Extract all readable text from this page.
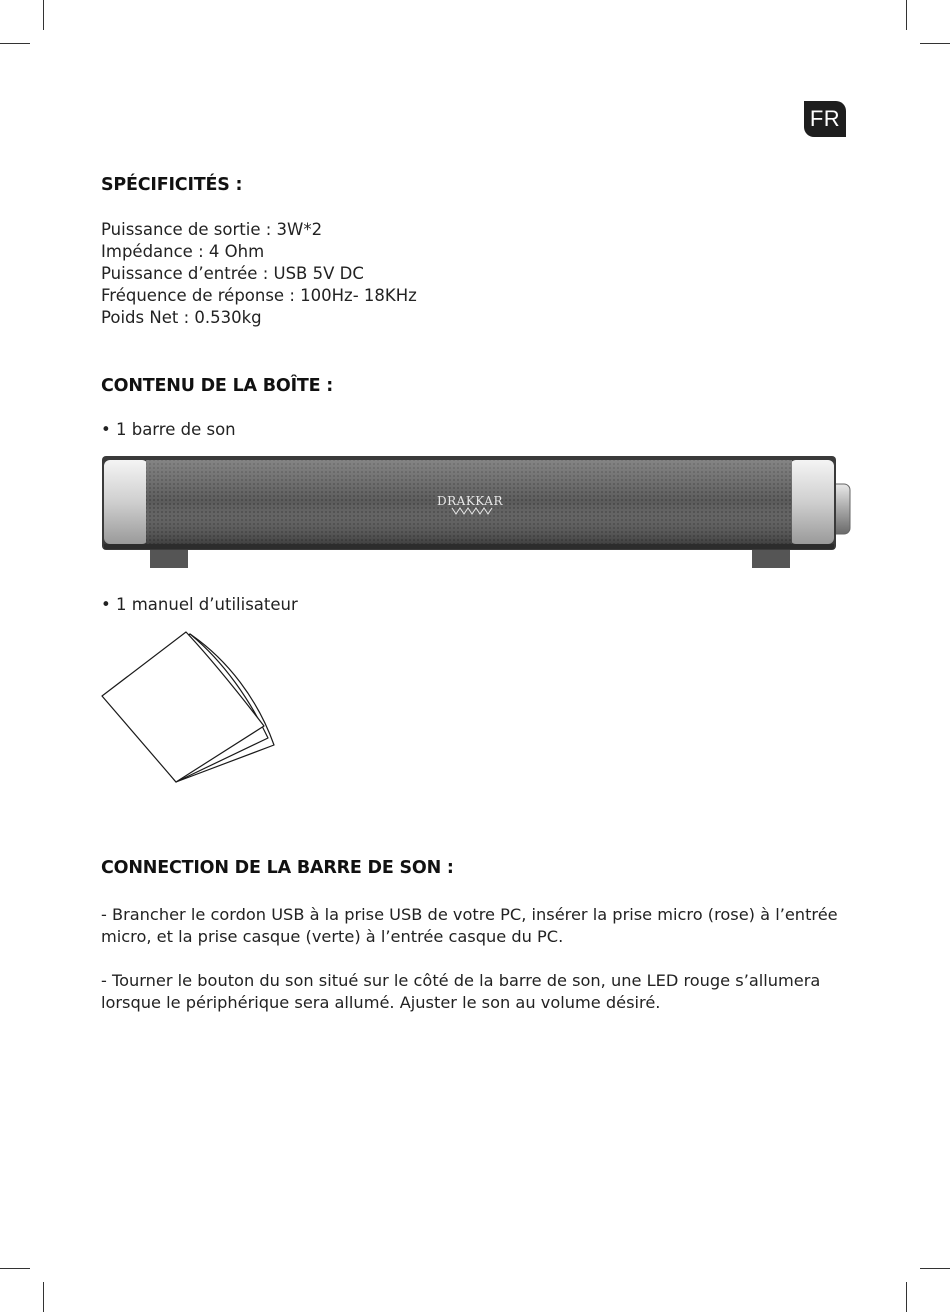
FR
SPÉCIFICITÉS :
Puissance de sortie : 3W*2
Impédance : 4 Ohm
Puissance d’entrée : USB 5V DC
Fréquence de réponse : 100Hz- 18KHz
Poids Net : 0.530kg
CONTENU DE LA BOÎTE :
• 1 barre de son
DRAKKAR
• 1 manuel d’utilisateur
CONNECTION DE LA BARRE DE SON :
- Brancher le cordon USB à la prise USB de votre PC, insérer la prise micro (rose) à l’entrée micro, et la prise casque (verte) à l’entrée casque du PC.
- Tourner le bouton du son situé sur le côté de la barre de son, une LED rouge s’allumera lorsque le périphérique sera allumé. Ajuster le son au volume désiré.
